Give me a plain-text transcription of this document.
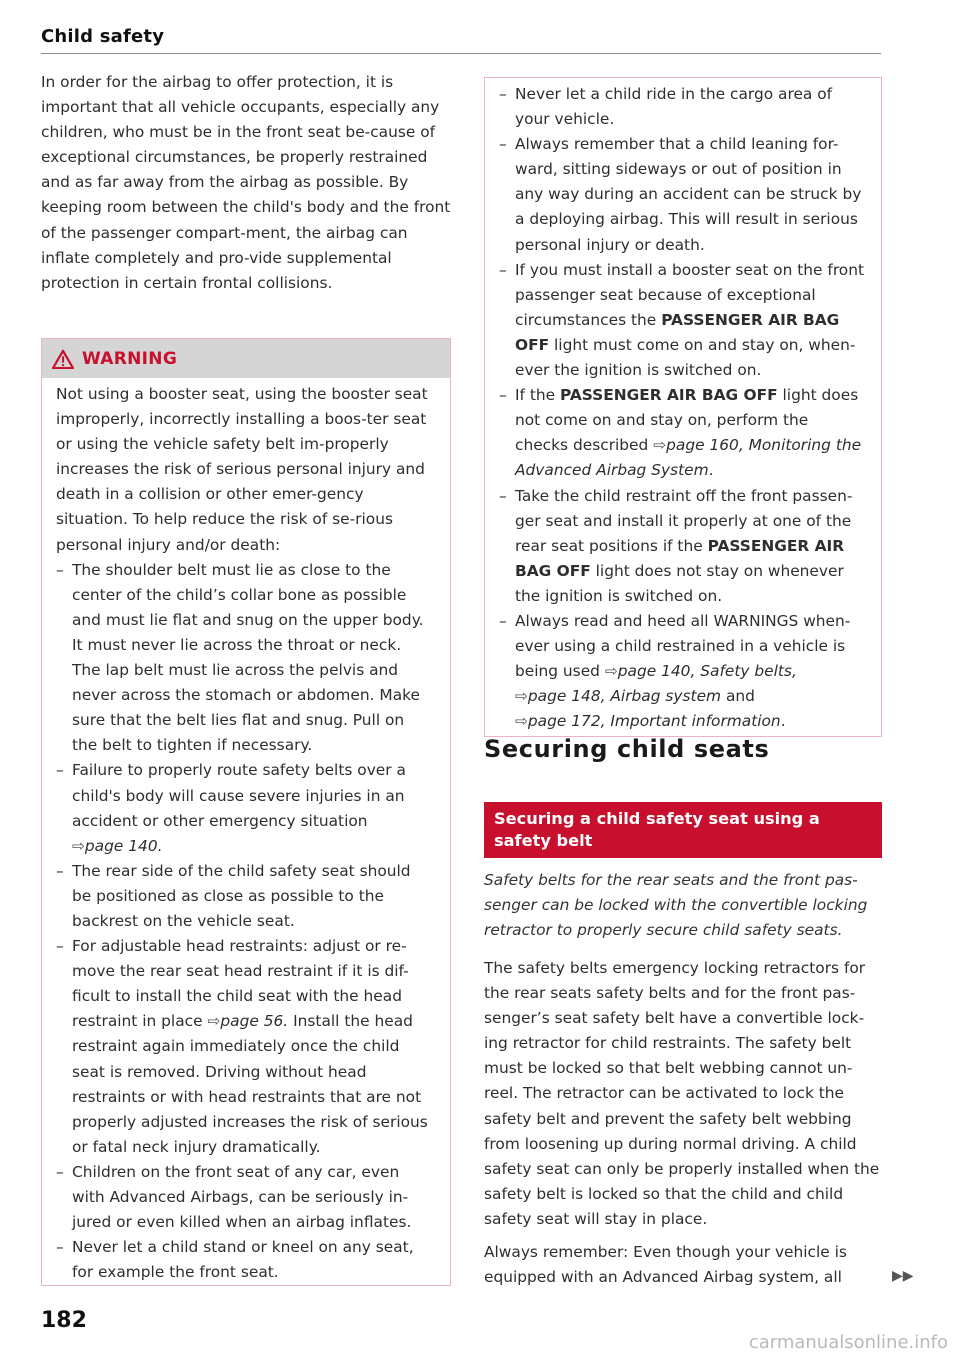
Child safety

In order for the airbag to offer protection, it is important that all vehicle occupants, especially any children, who must be in the front seat be-cause of exceptional circumstances, be properly restrained and as far away from the airbag as possible. By keeping room between the child's body and the front of the passenger compart-ment, the airbag can inflate completely and pro-vide supplemental protection in certain frontal collisions.

WARNING

Not using a booster seat, using the booster seat improperly, incorrectly installing a boos-ter seat or using the vehicle safety belt im-properly increases the risk of serious personal injury and death in a collision or other emer-gency situation. To help reduce the risk of se-rious personal injury and/or death:

– The shoulder belt must lie as close to the center of the child’s collar bone as possible and must lie flat and snug on the upper body. It must never lie across the throat or neck. The lap belt must lie across the pelvis and never across the stomach or abdomen. Make sure that the belt lies flat and snug. Pull on the belt to tighten if necessary.
– Failure to properly route safety belts over a child's body will cause severe injuries in an accident or other emergency situation
⇨page 140.
– The rear side of the child safety seat should be positioned as close as possible to the backrest on the vehicle seat.
– For adjustable head restraints: adjust or re-move the rear seat head restraint if it is dif-ficult to install the child seat with the head restraint in place ⇨page 56. Install the head restraint again immediately once the child seat is removed. Driving without head restraints or with head restraints that are not properly adjusted increases the risk of serious or fatal neck injury dramatically.
– Children on the front seat of any car, even with Advanced Airbags, can be seriously in-jured or even killed when an airbag inflates.
– Never let a child stand or kneel on any seat, for example the front seat.
– Never let a child ride in the cargo area of your vehicle.
– Always remember that a child leaning for-ward, sitting sideways or out of position in any way during an accident can be struck by a deploying airbag. This will result in serious personal injury or death.
– If you must install a booster seat on the front passenger seat because of exceptional circumstances the PASSENGER AIR BAG OFF light must come on and stay on, when-ever the ignition is switched on.
– If the PASSENGER AIR BAG OFF light does not come on and stay on, perform the checks described ⇨page 160, Monitoring the Advanced Airbag System.
– Take the child restraint off the front passen-ger seat and install it properly at one of the rear seat positions if the PASSENGER AIR BAG OFF light does not stay on whenever the ignition is switched on.
– Always read and heed all WARNINGS when-ever using a child restrained in a vehicle is being used ⇨page 140, Safety belts,
⇨page 148, Airbag system and
⇨page 172, Important information.
Securing child seats
Securing a child safety seat using a safety belt
Safety belts for the rear seats and the front pas-senger can be locked with the convertible locking retractor to properly secure child safety seats.

The safety belts emergency locking retractors for the rear seats safety belts and for the front pas-senger’s seat safety belt have a convertible lock-ing retractor for child restraints. The safety belt must be locked so that belt webbing cannot un-reel. The retractor can be activated to lock the safety belt and prevent the safety belt webbing from loosening up during normal driving. A child safety seat can only be properly installed when the safety belt is locked so that the child and child safety seat will stay in place.

Always remember: Even though your vehicle is equipped with an Advanced Airbag system, all	▶▶
182
carmanualsonline.info
